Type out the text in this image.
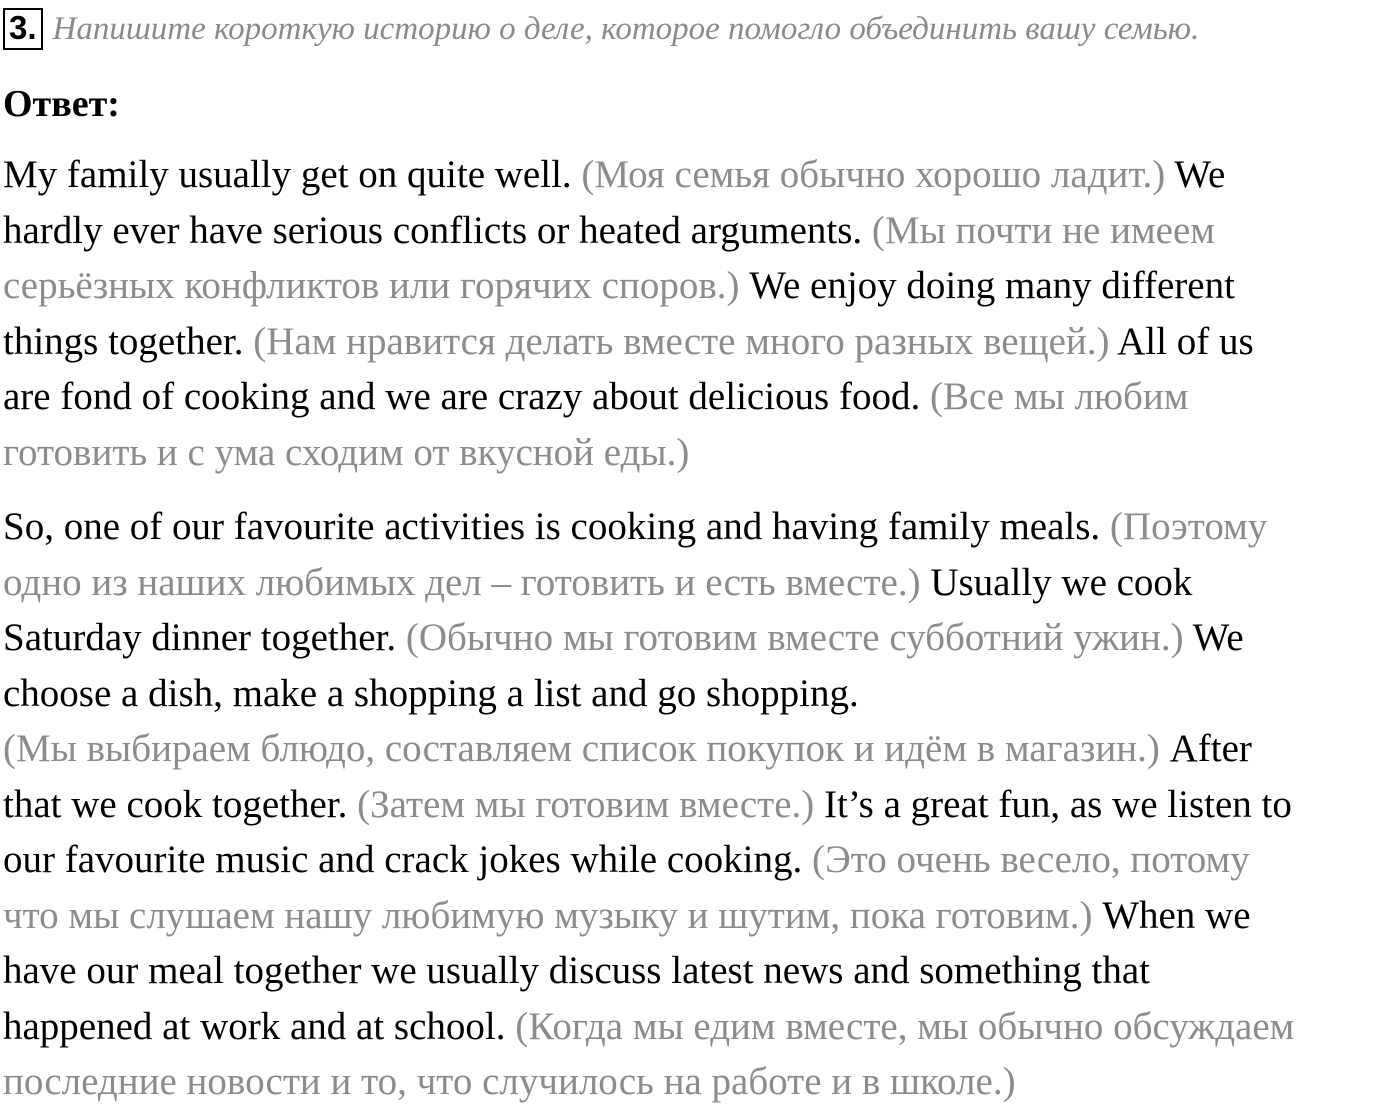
3. Напишите короткую историю о деле, которое помогло объединить вашу семью.
Ответ:
My family usually get on quite well. (Моя семья обычно хорошо ладит.) We
hardly ever have serious conflicts or heated arguments. (Мы почти не имеем
серьёзных конфликтов или горячих споров.) We enjoy doing many different
things together. (Нам нравится делать вместе много разных вещей.) All of us
are fond of cooking and we are crazy about delicious food. (Все мы любим
готовить и с ума сходим от вкусной еды.)
So, one of our favourite activities is cooking and having family meals. (Поэтому
одно из наших любимых дел – готовить и есть вместе.) Usually we cook
Saturday dinner together. (Обычно мы готовим вместе субботний ужин.) We
choose a dish, make a shopping a list and go shopping.
(Мы выбираем блюдо, составляем список покупок и идём в магазин.) After
that we cook together. (Затем мы готовим вместе.) It’s a great fun, as we listen to
our favourite music and crack jokes while cooking. (Это очень весело, потому
что мы слушаем нашу любимую музыку и шутим, пока готовим.) When we
have our meal together we usually discuss latest news and something that
happened at work and at school. (Когда мы едим вместе, мы обычно обсуждаем
последние новости и то, что случилось на работе и в школе.)
